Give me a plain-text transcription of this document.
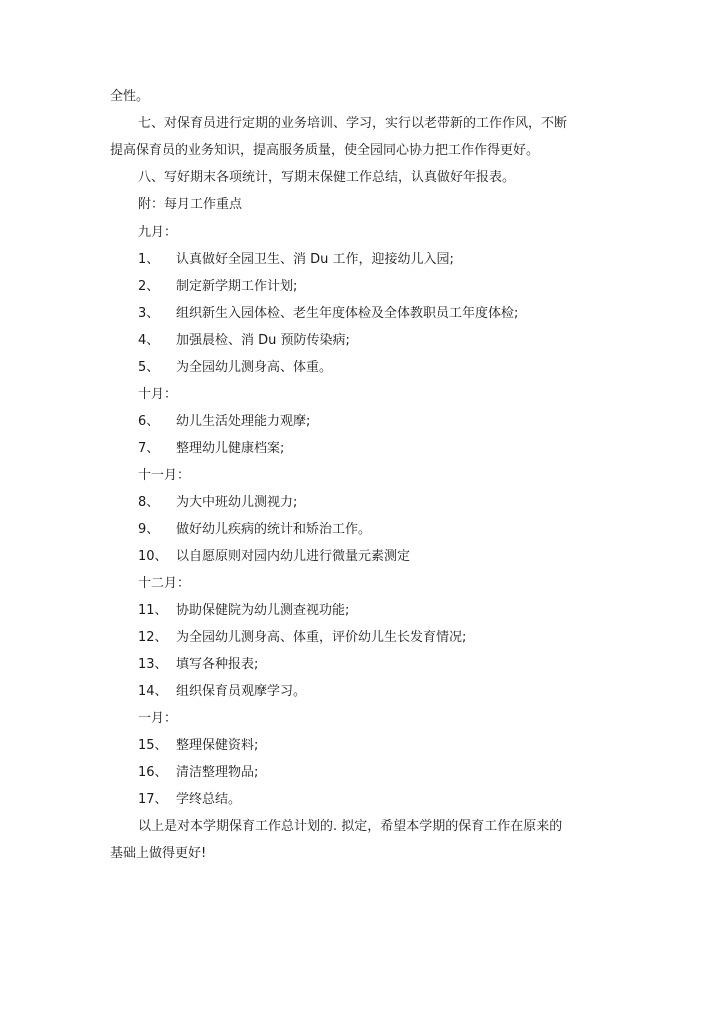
全性。
七、对保育员进行定期的业务培训、学习，实行以老带新的工作作风，不断
提高保育员的业务知识，提高服务质量，使全园同心协力把工作作得更好。
八、写好期末各项统计，写期末保健工作总结，认真做好年报表。
附：每月工作重点
九月：
1、 认真做好全园卫生、消 Du 工作，迎接幼儿入园;
2、 制定新学期工作计划;
3、 组织新生入园体检、老生年度体检及全体教职员工年度体检;
4、 加强晨检、消 Du 预防传染病;
5、 为全园幼儿测身高、体重。
十月：
6、 幼儿生活处理能力观摩;
7、 整理幼儿健康档案;
十一月：
8、 为大中班幼儿测视力;
9、 做好幼儿疾病的统计和矫治工作。
10、 以自愿原则对园内幼儿进行微量元素测定
十二月：
11、 协助保健院为幼儿测查视功能;
12、 为全园幼儿测身高、体重，评价幼儿生长发育情况;
13、 填写各种报表;
14、 组织保育员观摩学习。
一月：
15、 整理保健资料;
16、 清洁整理物品;
17、 学终总结。
以上是对本学期保育工作总计划的. 拟定，希望本学期的保育工作在原来的
基础上做得更好!
